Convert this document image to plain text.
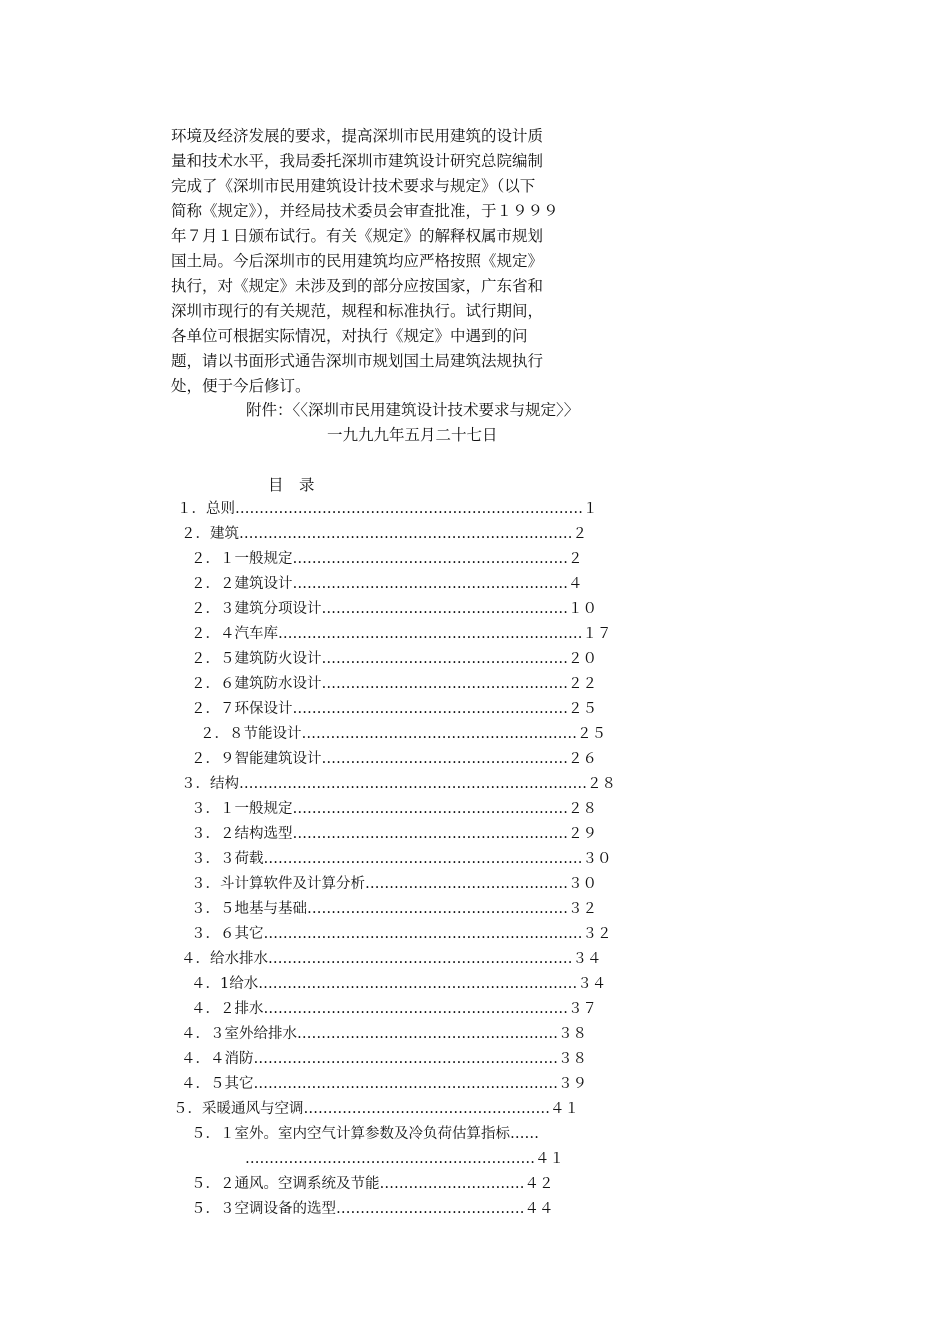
环境及经济发展的要求，提高深圳市民用建筑的设计质
量和技术水平，我局委托深圳市建筑设计研究总院编制
完成了《深圳市民用建筑设计技术要求与规定》（以下
简称《规定》），并经局技术委员会审查批准，于１９９９
年７月１日颁布试行。有关《规定》的解释权属市规划
国土局。今后深圳市的民用建筑均应严格按照《规定》
执行，对《规定》未涉及到的部分应按国家，广东省和
深圳市现行的有关规范，规程和标准执行。试行期间，
各单位可根据实际情况，对执行《规定》中遇到的问
题，请以书面形式通告深圳市规划国土局建筑法规执行
处，便于今后修订。
附件：〈〈深圳市民用建筑设计技术要求与规定〉〉
一九九九年五月二十七日
目　录
１．总则………………………………………………………………１
２．建筑……………………………………………………………２
２．１一般规定…………………………………………………２
２．２建筑设计…………………………………………………４
２．３建筑分项设计……………………………………………１０
２．４汽车库………………………………………………………１７
２．５建筑防火设计……………………………………………２０
２．６建筑防水设计……………………………………………２２
２．７环保设计…………………………………………………２５
２．８节能设计…………………………………………………２５
２．９智能建筑设计……………………………………………２６
３．结构………………………………………………………………２８
３．１一般规定…………………………………………………２８
３．２结构选型…………………………………………………２９
３．３荷载…………………………………………………………３０
３．斗计算软件及计算分析……………………………………３０
３．５地基与基础………………………………………………３２
３．６其它…………………………………………………………３２
４．给水排水………………………………………………………３４
４．1给水…………………………………………………………３４
４．２排水………………………………………………………３７
４．３室外给排水………………………………………………３８
４．４消防………………………………………………………３８
４．５其它………………………………………………………３９
５．采暖通风与空调……………………………………………４１
５．１室外。室内空气计算参数及冷负荷估算指标……
……………………………………………………４１
５．２通风。空调系统及节能…………………………４２
５．３空调设备的选型…………………………………４４
